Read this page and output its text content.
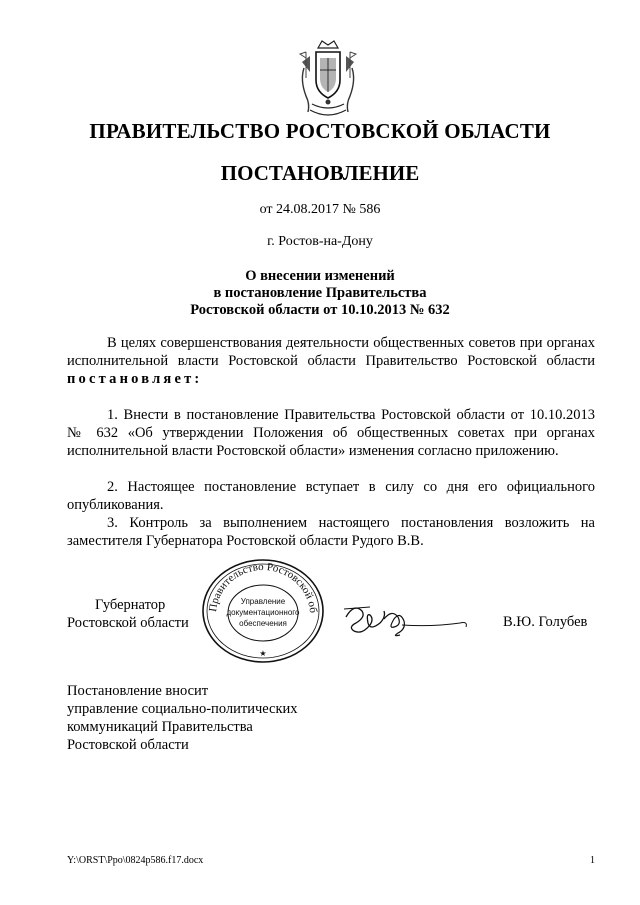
ПРАВИТЕЛЬСТВО РОСТОВСКОЙ ОБЛАСТИ
ПОСТАНОВЛЕНИЕ
от 24.08.2017 № 586
г. Ростов-на-Дону
О внесении изменений
в постановление Правительства
Ростовской области от 10.10.2013 № 632
В целях совершенствования деятельности общественных советов при органах исполнительной власти Ростовской области Правительство Ростовской области постановляет:
1. Внести в постановление Правительства Ростовской области от 10.10.2013 № 632 «Об утверждении Положения об общественных советах при органах исполнительной власти Ростовской области» изменения согласно приложению.
2. Настоящее постановление вступает в силу со дня его официального опубликования.
3. Контроль за выполнением настоящего постановления возложить на заместителя Губернатора Ростовской области Рудого В.В.
Губернатор
Ростовской области
Правительство Ростовской об
Управление
документационного
обеспечения
★
В.Ю. Голубев
Постановление вносит
управление социально-политических
коммуникаций Правительства
Ростовской области
Y:\ORST\Ppo\0824p586.f17.docx	1
